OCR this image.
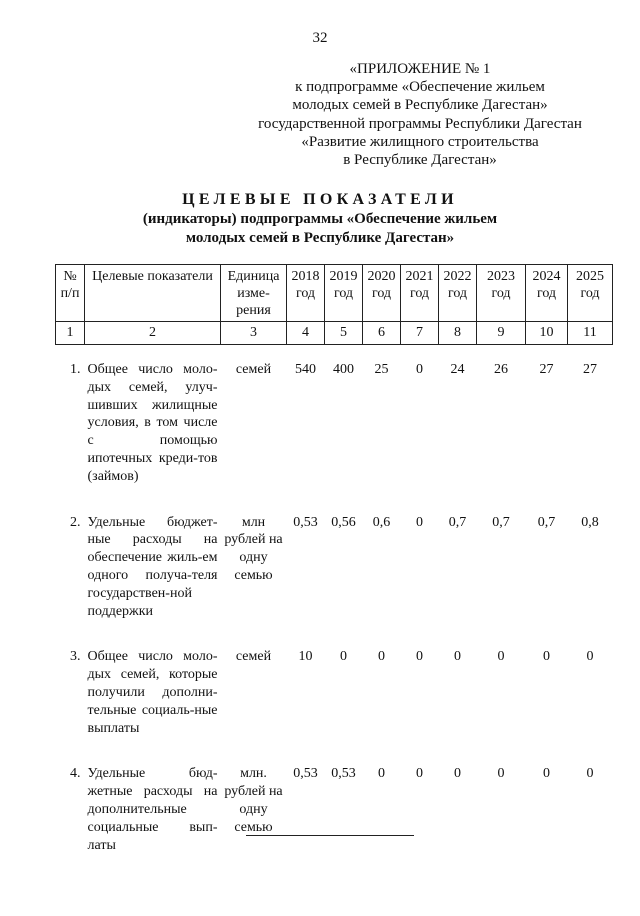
32
«ПРИЛОЖЕНИЕ № 1
к подпрограмме «Обеспечение жильем
молодых семей в Республике Дагестан»
государственной программы Республики Дагестан
«Развитие жилищного строительства
в Республике Дагестан»
ЦЕЛЕВЫЕ ПОКАЗАТЕЛИ
(индикаторы) подпрограммы «Обеспечение жильем
молодых семей в Республике Дагестан»
№ п/п	Целевые показатели	Единица изме-рения	2018 год	2019 год	2020 год	2021 год	2022 год	2023 год	2024 год	2025 год
1	2	3	4	5	6	7	8	9	10	11

1.	Общее число моло-дых семей, улуч-шивших жилищные условия, в том числе с помощью ипотечных креди-тов (займов)	семей	540	400	25	0	24	26	27	27

2.	Удельные бюджет-ные расходы на обеспечение жиль-ем одного получа-теля государствен-ной поддержки	млн рублей на одну семью	0,53	0,56	0,6	0	0,7	0,7	0,7	0,8

3.	Общее число моло-дых семей, которые получили дополни-тельные социаль-ные выплаты	семей	10	0	0	0	0	0	0	0

4.	Удельные бюд-жетные расходы на дополнительные социальные вып-латы	млн. рублей на одну семью	0,53	0,53	0	0	0	0	0	0
